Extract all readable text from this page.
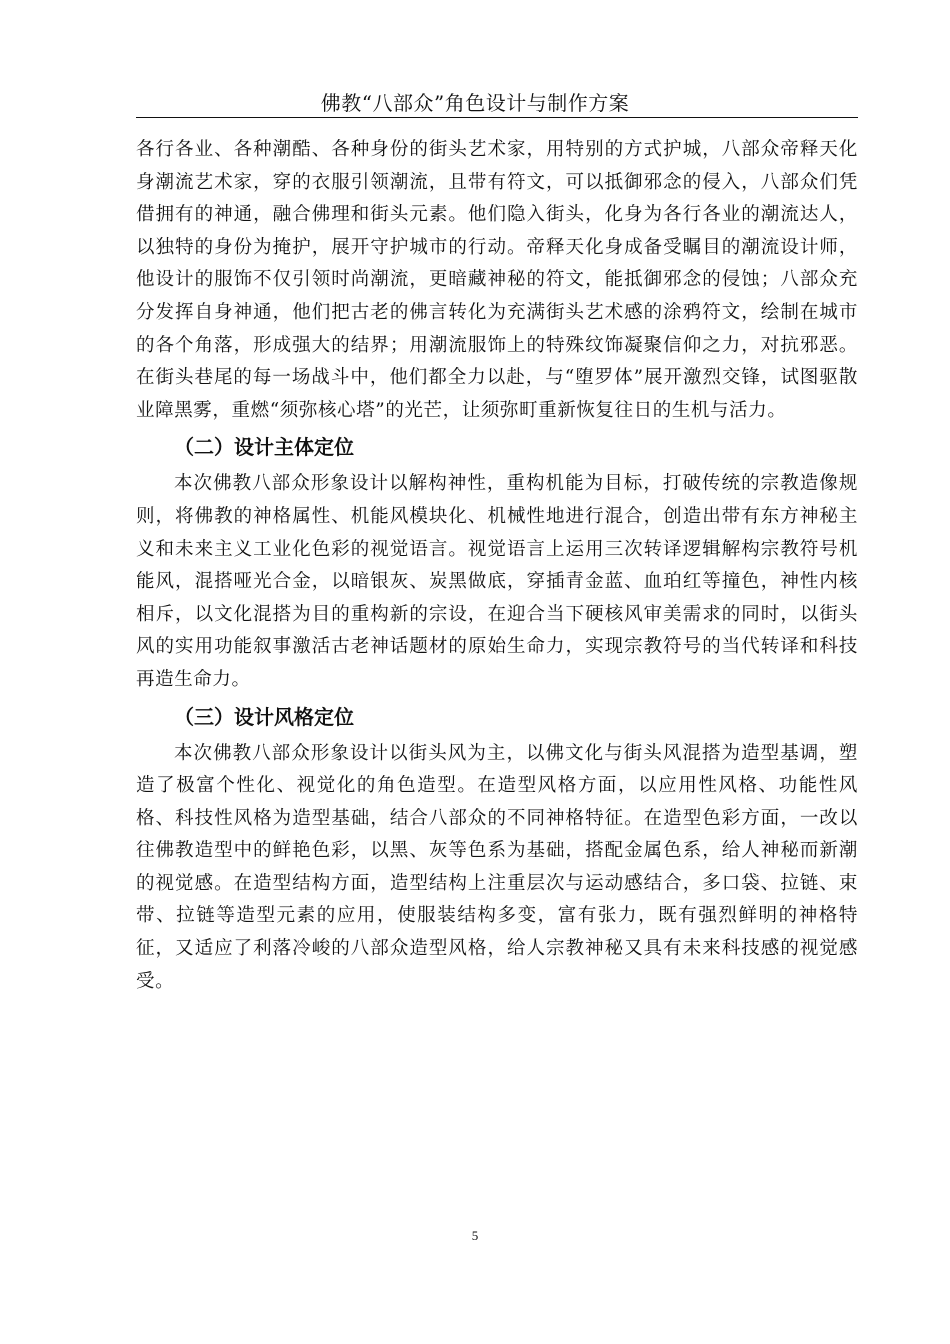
佛教“八部众”角色设计与制作方案

各行各业、各种潮酷、各种身份的街头艺术家，用特别的方式护城，八部众帝释天化身潮流艺术家，穿的衣服引领潮流，且带有符文，可以抵御邪念的侵入，八部众们凭借拥有的神通，融合佛理和街头元素。他们隐入街头，化身为各行各业的潮流达人，以独特的身份为掩护，展开守护城市的行动。帝释天化身成备受瞩目的潮流设计师，他设计的服饰不仅引领时尚潮流，更暗藏神秘的符文，能抵御邪念的侵蚀；八部众充分发挥自身神通，他们把古老的佛言转化为充满街头艺术感的涂鸦符文，绘制在城市的各个角落，形成强大的结界；用潮流服饰上的特殊纹饰凝聚信仰之力，对抗邪恶。在街头巷尾的每一场战斗中，他们都全力以赴，与“堕罗体”展开激烈交锋，试图驱散业障黑雾，重燃“须弥核心塔”的光芒，让须弥町重新恢复往日的生机与活力。

（二）设计主体定位

本次佛教八部众形象设计以解构神性，重构机能为目标，打破传统的宗教造像规则，将佛教的神格属性、机能风模块化、机械性地进行混合，创造出带有东方神秘主义和未来主义工业化色彩的视觉语言。视觉语言上运用三次转译逻辑解构宗教符号机能风，混搭哑光合金，以暗银灰、炭黑做底，穿插青金蓝、血珀红等撞色，神性内核相斥，以文化混搭为目的重构新的宗设，在迎合当下硬核风审美需求的同时，以街头风的实用功能叙事激活古老神话题材的原始生命力，实现宗教符号的当代转译和科技再造生命力。

（三）设计风格定位

本次佛教八部众形象设计以街头风为主，以佛文化与街头风混搭为造型基调，塑造了极富个性化、视觉化的角色造型。在造型风格方面，以应用性风格、功能性风格、科技性风格为造型基础，结合八部众的不同神格特征。在造型色彩方面，一改以往佛教造型中的鲜艳色彩，以黑、灰等色系为基础，搭配金属色系，给人神秘而新潮的视觉感。在造型结构方面，造型结构上注重层次与运动感结合，多口袋、拉链、束带、拉链等造型元素的应用，使服装结构多变，富有张力，既有强烈鲜明的神格特征，又适应了利落冷峻的八部众造型风格，给人宗教神秘又具有未来科技感的视觉感受。

5
